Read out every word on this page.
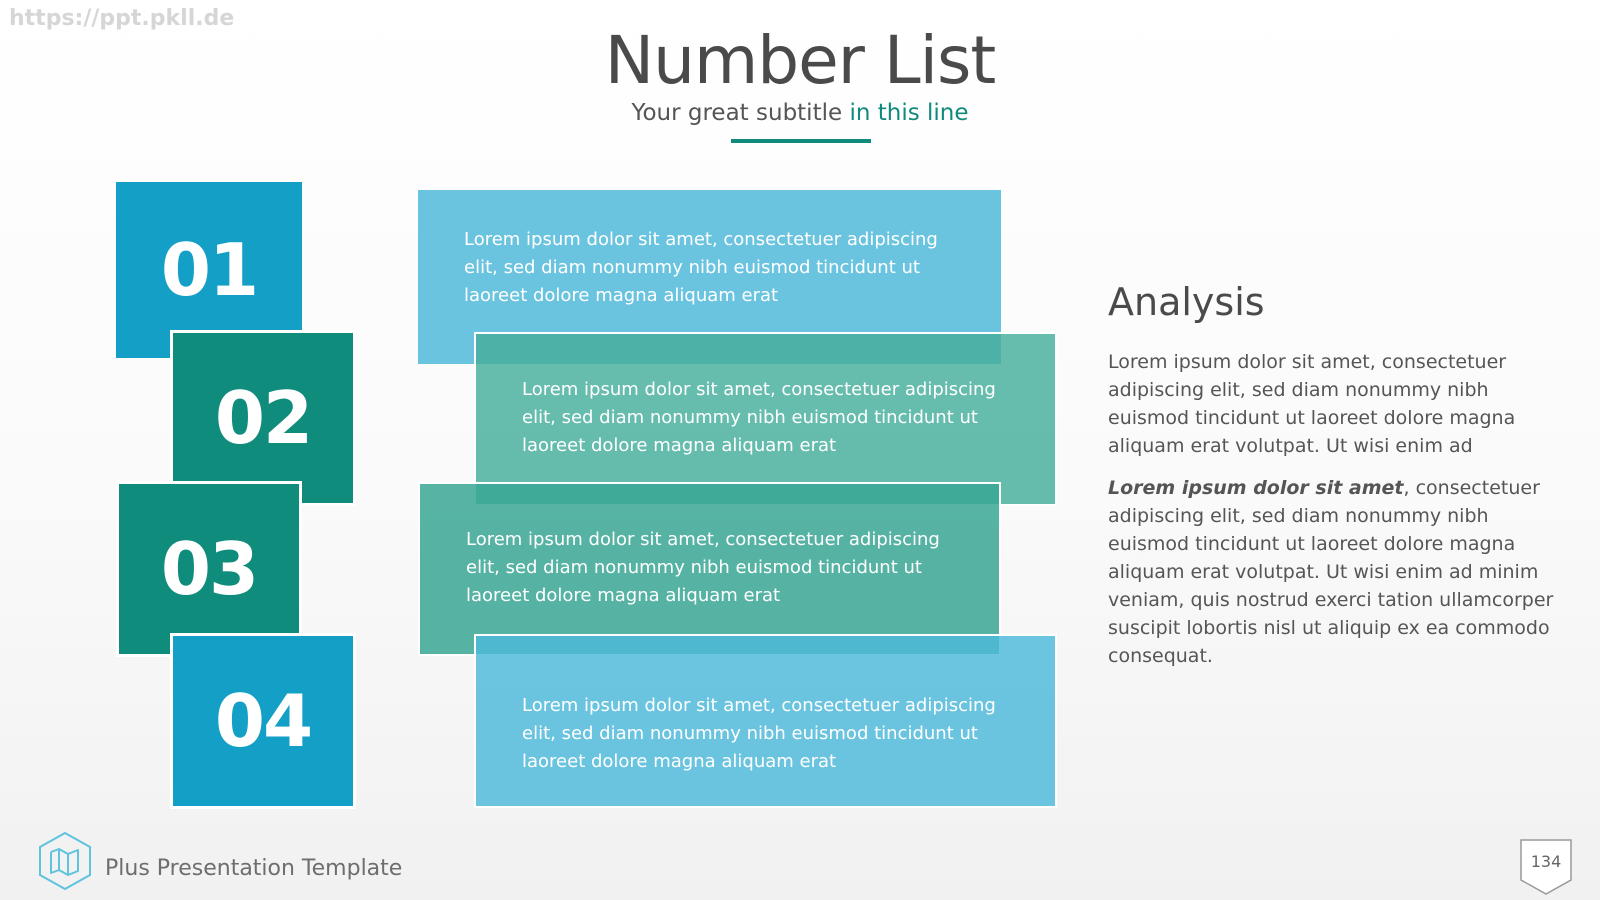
https://ppt.pkll.de
Number List
Your great subtitle in this line
Lorem ipsum dolor sit amet, consectetuer adipiscing elit, sed diam nonummy nibh euismod tincidunt ut laoreet dolore magna aliquam erat
Lorem ipsum dolor sit amet, consectetuer adipiscing elit, sed diam nonummy nibh euismod tincidunt ut laoreet dolore magna aliquam erat
Lorem ipsum dolor sit amet, consectetuer adipiscing elit, sed diam nonummy nibh euismod tincidunt ut laoreet dolore magna aliquam erat
Lorem ipsum dolor sit amet, consectetuer adipiscing elit, sed diam nonummy nibh euismod tincidunt ut laoreet dolore magna aliquam erat
01
02
03
04
Analysis

Lorem ipsum dolor sit amet, consectetuer adipiscing elit, sed diam nonummy nibh euismod tincidunt ut laoreet dolore magna aliquam erat volutpat. Ut wisi enim ad

Lorem ipsum dolor sit amet, consectetuer adipiscing elit, sed diam nonummy nibh euismod tincidunt ut laoreet dolore magna aliquam erat volutpat. Ut wisi enim ad minim veniam, quis nostrud exerci tation ullamcorper suscipit lobortis nisl ut aliquip ex ea commodo consequat.

Plus Presentation Template	134
